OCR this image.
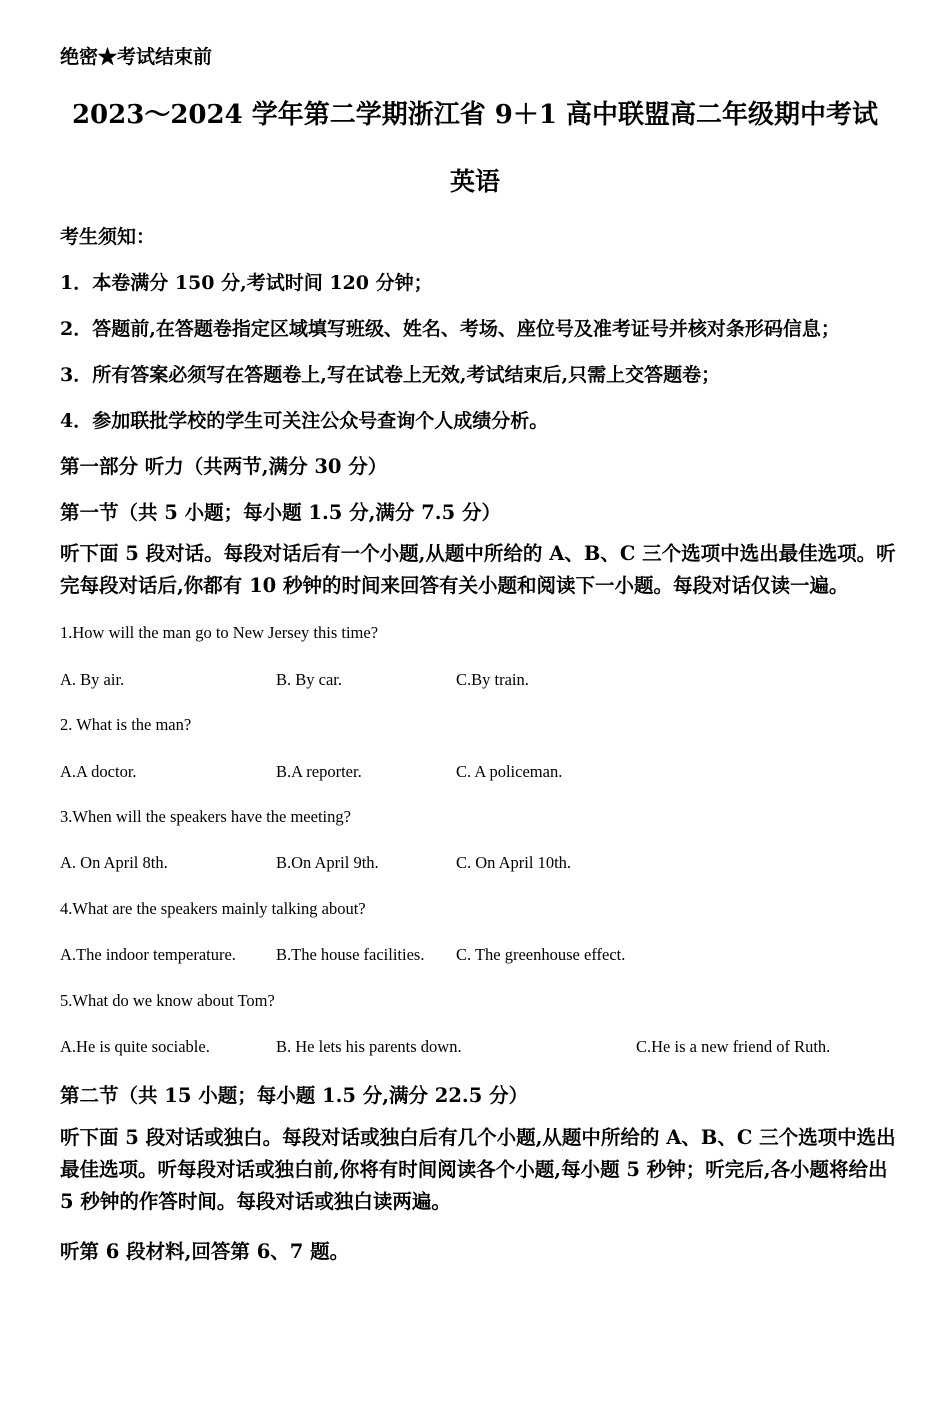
绝密★考试结束前
2023～2024 学年第二学期浙江省 9＋1 高中联盟高二年级期中考试
英语
考生须知：
1．本卷满分 150 分,考试时间 120 分钟；
2．答题前,在答题卷指定区域填写班级、姓名、考场、座位号及准考证号并核对条形码信息；
3．所有答案必须写在答题卷上,写在试卷上无效,考试结束后,只需上交答题卷；
4．参加联批学校的学生可关注公众号查询个人成绩分析。
第一部分 听力（共两节,满分 30 分）
第一节（共 5 小题；每小题 1.5 分,满分 7.5 分）
听下面 5 段对话。每段对话后有一个小题,从题中所给的 A、B、C 三个选项中选出最佳选项。听完每段对话后,你都有 10 秒钟的时间来回答有关小题和阅读下一小题。每段对话仅读一遍。
1.How will the man go to New Jersey this time?
A. By air.	B. By car.	C.By train.
2. What is the man?
A.A doctor.	B.A reporter.	C. A policeman.
3.When will the speakers have the meeting?
A. On April 8th.	B.On April 9th.	C. On April 10th.
4.What are the speakers mainly talking about?
A.The indoor temperature. B.The house facilities. C. The greenhouse effect.
5.What do we know about Tom?
A.He is quite sociable.	B. He lets his parents down.	C.He is a new friend of Ruth.
第二节（共 15 小题；每小题 1.5 分,满分 22.5 分）
听下面 5 段对话或独白。每段对话或独白后有几个小题,从题中所给的 A、B、C 三个选项中选出最佳选项。听每段对话或独白前,你将有时间阅读各个小题,每小题 5 秒钟；听完后,各小题将给出 5 秒钟的作答时间。每段对话或独白读两遍。
听第 6 段材料,回答第 6、7 题。
